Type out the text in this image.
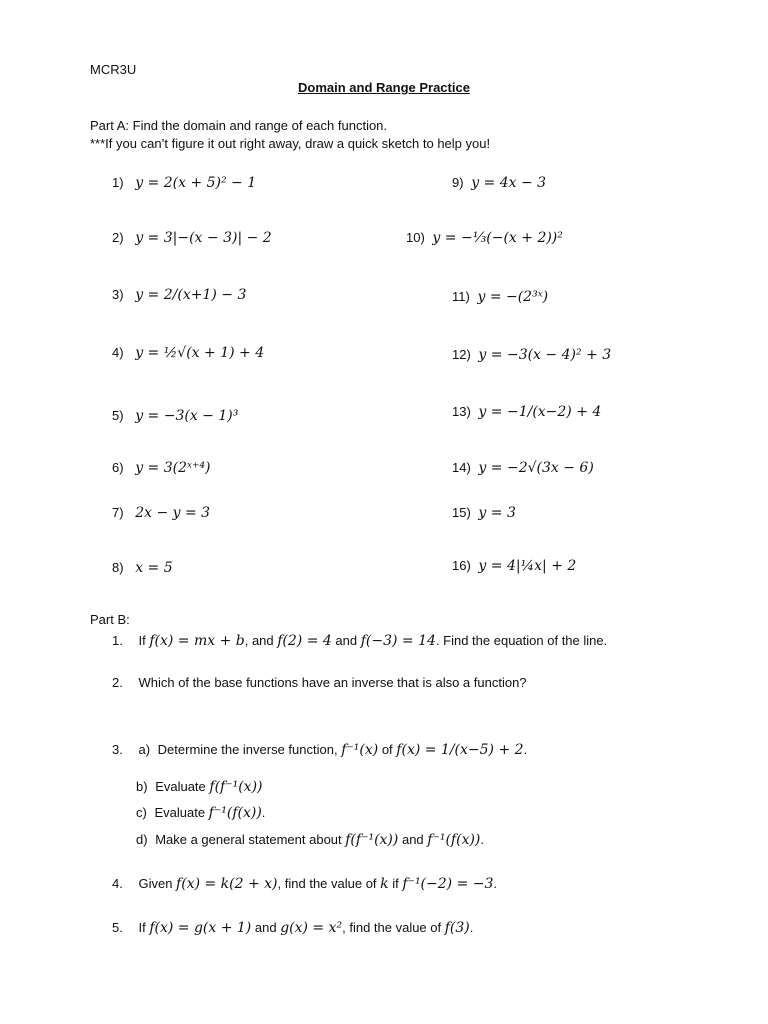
MCR3U
Domain and Range Practice
Part A: Find the domain and range of each function.
***If you can’t figure it out right away, draw a quick sketch to help you!
1) y = 2(x + 5)² − 1
2) y = 3|−(x − 3)| − 2
3) y = 2/(x+1) − 3
4) y = ½√(x + 1) + 4
5) y = −3(x − 1)³
6) y = 3(2ˣ⁺⁴)
7) 2x − y = 3
8) x = 5
9) y = 4x − 3
10) y = −⅓(−(x + 2))²
11) y = −(2³ˣ)
12) y = −3(x − 4)² + 3
13) y = −1/(x−2) + 4
14) y = −2√(3x − 6)
15) y = 3
16) y = 4|¼x| + 2
Part B:
1. If f(x) = mx + b, and f(2) = 4 and f(−3) = 14. Find the equation of the line.
2. Which of the base functions have an inverse that is also a function?
3. a) Determine the inverse function, f⁻¹(x) of f(x) = 1/(x−5) + 2.
b) Evaluate f(f⁻¹(x))
c) Evaluate f⁻¹(f(x)).
d) Make a general statement about f(f⁻¹(x)) and f⁻¹(f(x)).
4. Given f(x) = k(2 + x), find the value of k if f⁻¹(−2) = −3.
5. If f(x) = g(x + 1) and g(x) = x², find the value of f(3).
